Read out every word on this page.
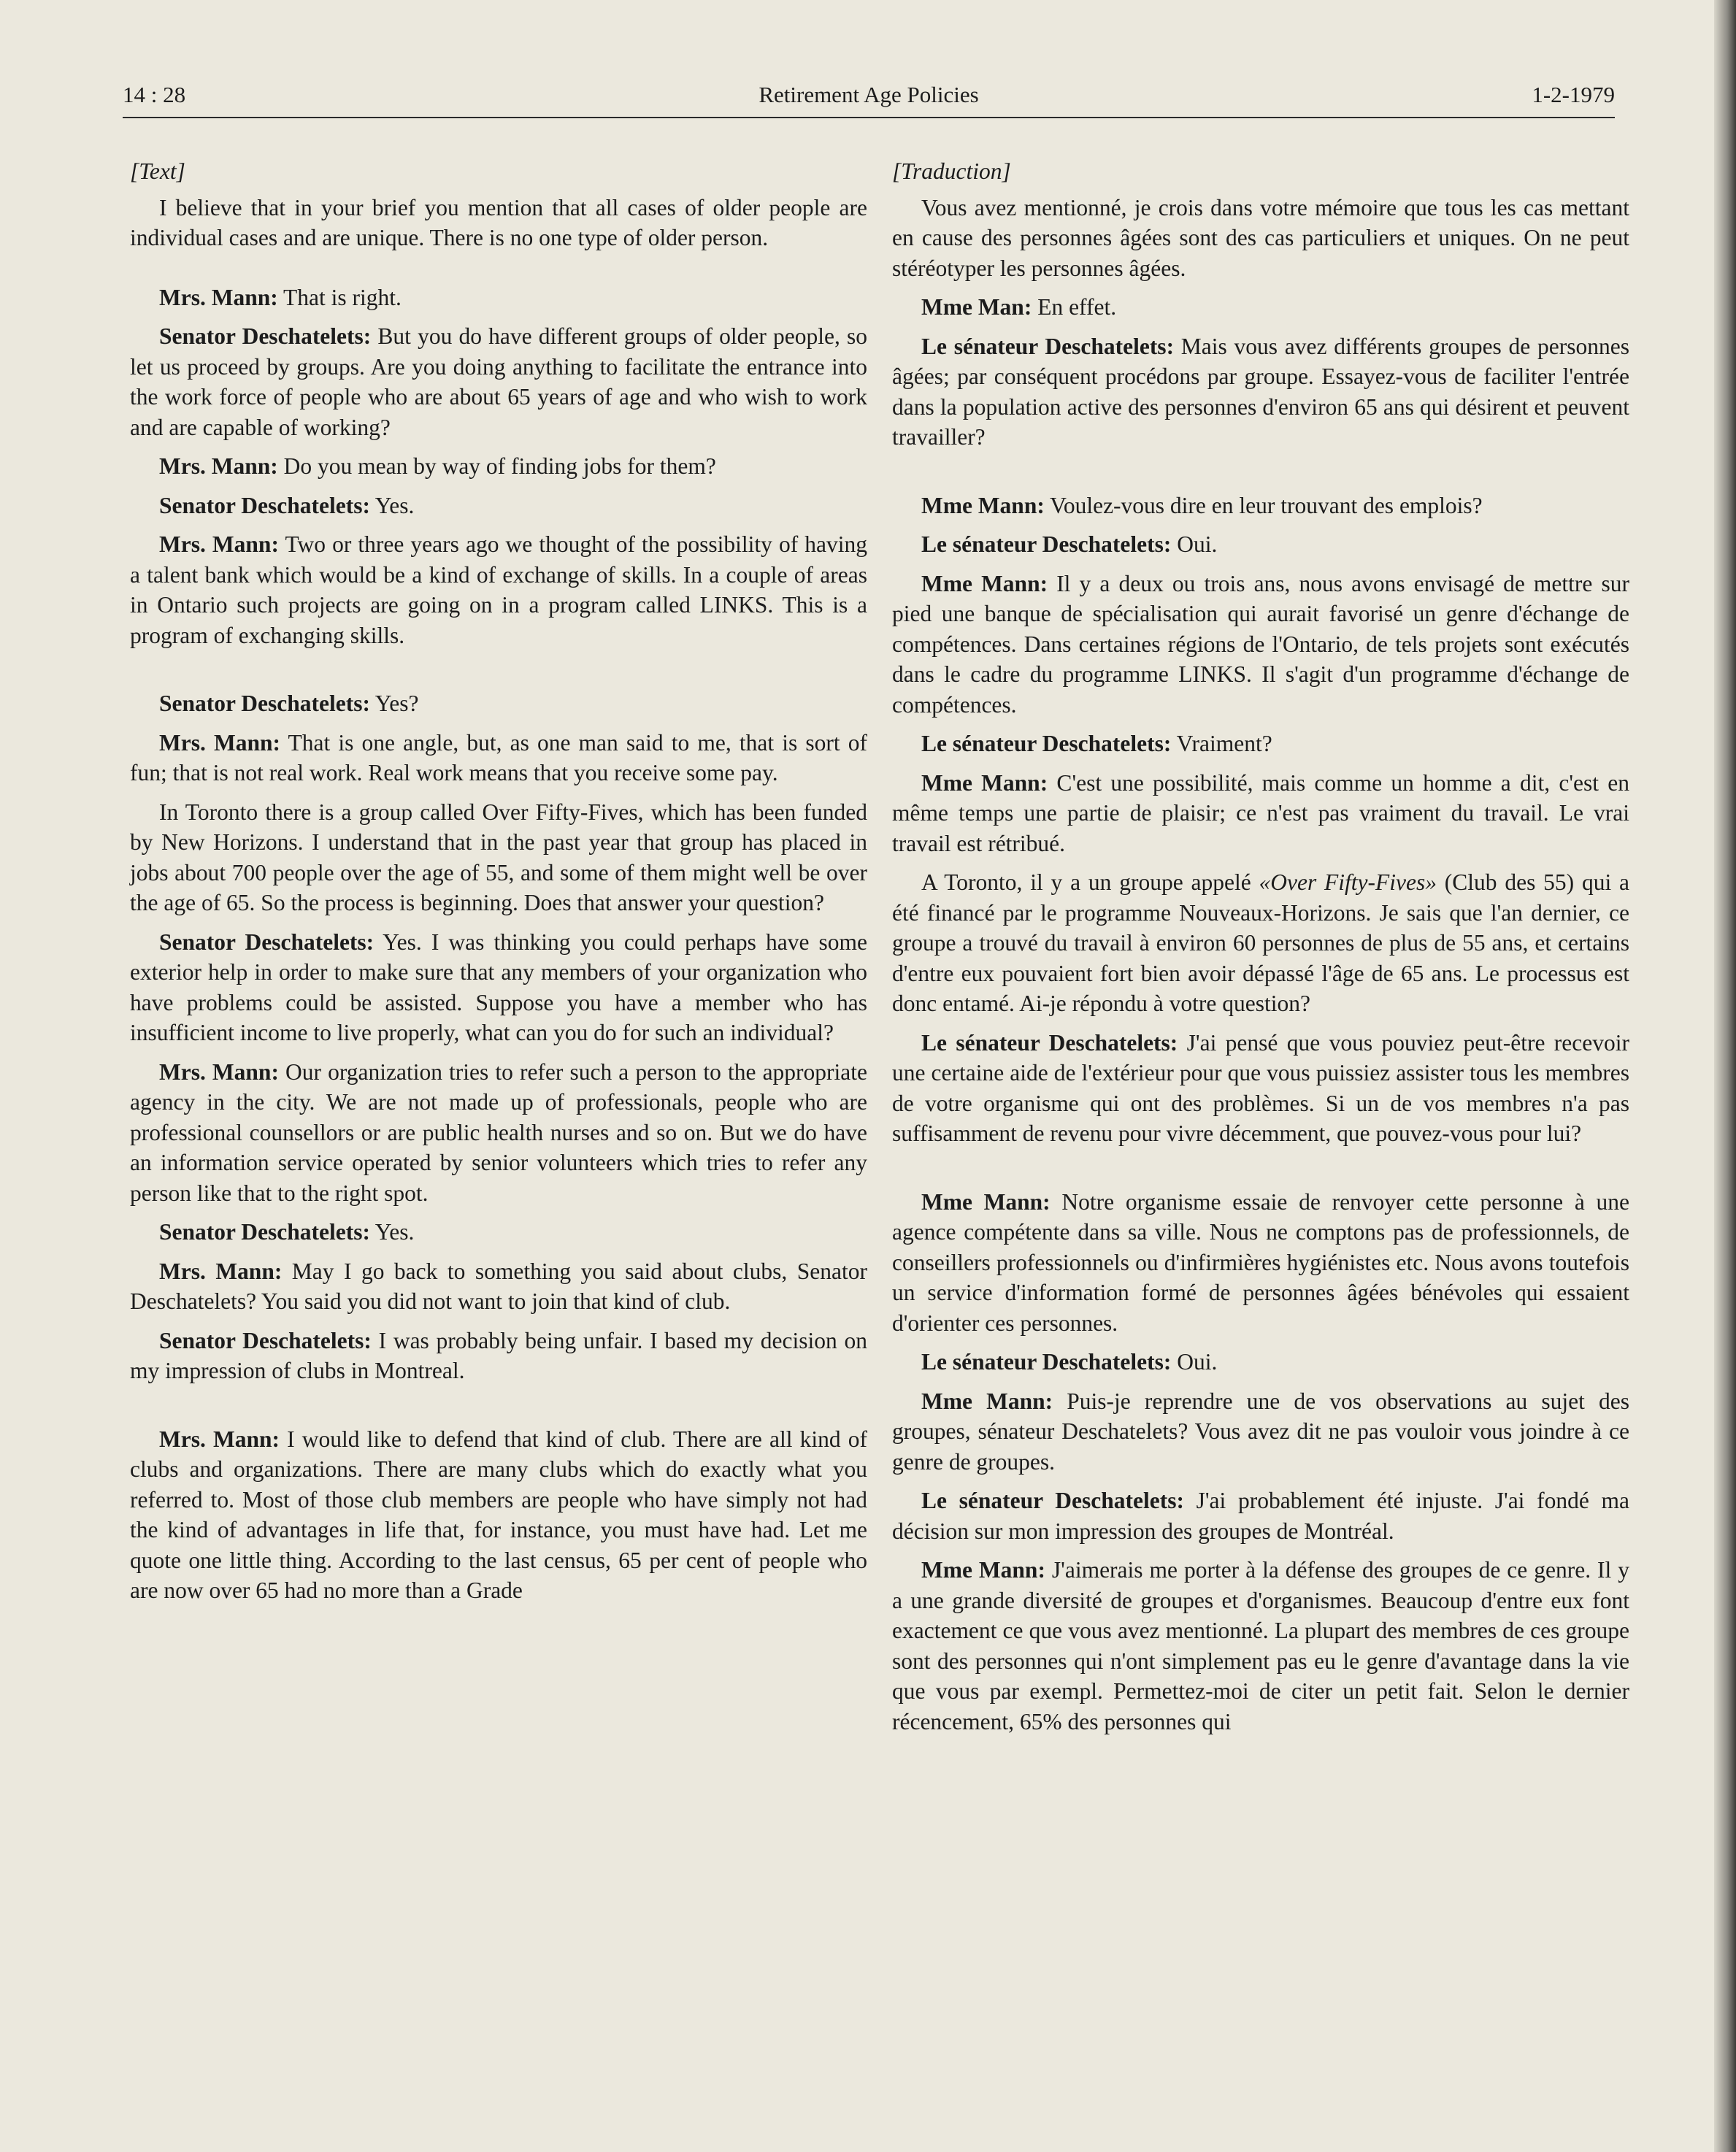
14 : 28	Retirement Age Policies	1-2-1979
[Text]

I believe that in your brief you mention that all cases of older people are individual cases and are unique. There is no one type of older person.

Mrs. Mann: That is right.

Senator Deschatelets: But you do have different groups of older people, so let us proceed by groups. Are you doing anything to facilitate the entrance into the work force of people who are about 65 years of age and who wish to work and are capable of working?

Mrs. Mann: Do you mean by way of finding jobs for them?

Senator Deschatelets: Yes.

Mrs. Mann: Two or three years ago we thought of the possibility of having a talent bank which would be a kind of exchange of skills. In a couple of areas in Ontario such projects are going on in a program called LINKS. This is a program of exchanging skills.

Senator Deschatelets: Yes?

Mrs. Mann: That is one angle, but, as one man said to me, that is sort of fun; that is not real work. Real work means that you receive some pay.

In Toronto there is a group called Over Fifty-Fives, which has been funded by New Horizons. I understand that in the past year that group has placed in jobs about 700 people over the age of 55, and some of them might well be over the age of 65. So the process is beginning. Does that answer your question?

Senator Deschatelets: Yes. I was thinking you could perhaps have some exterior help in order to make sure that any members of your organization who have problems could be assisted. Suppose you have a member who has insufficient income to live properly, what can you do for such an individual?

Mrs. Mann: Our organization tries to refer such a person to the appropriate agency in the city. We are not made up of professionals, people who are professional counsellors or are public health nurses and so on. But we do have an information service operated by senior volunteers which tries to refer any person like that to the right spot.

Senator Deschatelets: Yes.

Mrs. Mann: May I go back to something you said about clubs, Senator Deschatelets? You said you did not want to join that kind of club.

Senator Deschatelets: I was probably being unfair. I based my decision on my impression of clubs in Montreal.

Mrs. Mann: I would like to defend that kind of club. There are all kind of clubs and organizations. There are many clubs which do exactly what you referred to. Most of those club members are people who have simply not had the kind of advantages in life that, for instance, you must have had. Let me quote one little thing. According to the last census, 65 per cent of people who are now over 65 had no more than a Grade

[Traduction]

Vous avez mentionné, je crois dans votre mémoire que tous les cas mettant en cause des personnes âgées sont des cas particuliers et uniques. On ne peut stéréotyper les personnes âgées.

Mme Man: En effet.

Le sénateur Deschatelets: Mais vous avez différents groupes de personnes âgées; par conséquent procédons par groupe. Essayez-vous de faciliter l'entrée dans la population active des personnes d'environ 65 ans qui désirent et peuvent travailler?

Mme Mann: Voulez-vous dire en leur trouvant des emplois?

Le sénateur Deschatelets: Oui.

Mme Mann: Il y a deux ou trois ans, nous avons envisagé de mettre sur pied une banque de spécialisation qui aurait favorisé un genre d'échange de compétences. Dans certaines régions de l'Ontario, de tels projets sont exécutés dans le cadre du programme LINKS. Il s'agit d'un programme d'échange de compétences.

Le sénateur Deschatelets: Vraiment?

Mme Mann: C'est une possibilité, mais comme un homme a dit, c'est en même temps une partie de plaisir; ce n'est pas vraiment du travail. Le vrai travail est rétribué.

A Toronto, il y a un groupe appelé «Over Fifty-Fives» (Club des 55) qui a été financé par le programme Nouveaux-Horizons. Je sais que l'an dernier, ce groupe a trouvé du travail à environ 60 personnes de plus de 55 ans, et certains d'entre eux pouvaient fort bien avoir dépassé l'âge de 65 ans. Le processus est donc entamé. Ai-je répondu à votre question?

Le sénateur Deschatelets: J'ai pensé que vous pouviez peut-être recevoir une certaine aide de l'extérieur pour que vous puissiez assister tous les membres de votre organisme qui ont des problèmes. Si un de vos membres n'a pas suffisamment de revenu pour vivre décemment, que pouvez-vous pour lui?

Mme Mann: Notre organisme essaie de renvoyer cette personne à une agence compétente dans sa ville. Nous ne comptons pas de professionnels, de conseillers professionnels ou d'infirmières hygiénistes etc. Nous avons toutefois un service d'information formé de personnes âgées bénévoles qui essaient d'orienter ces personnes.

Le sénateur Deschatelets: Oui.

Mme Mann: Puis-je reprendre une de vos observations au sujet des groupes, sénateur Deschatelets? Vous avez dit ne pas vouloir vous joindre à ce genre de groupes.

Le sénateur Deschatelets: J'ai probablement été injuste. J'ai fondé ma décision sur mon impression des groupes de Montréal.

Mme Mann: J'aimerais me porter à la défense des groupes de ce genre. Il y a une grande diversité de groupes et d'organismes. Beaucoup d'entre eux font exactement ce que vous avez mentionné. La plupart des membres de ces groupe sont des personnes qui n'ont simplement pas eu le genre d'avantage dans la vie que vous par exempl. Permettez-moi de citer un petit fait. Selon le dernier récencement, 65% des personnes qui
